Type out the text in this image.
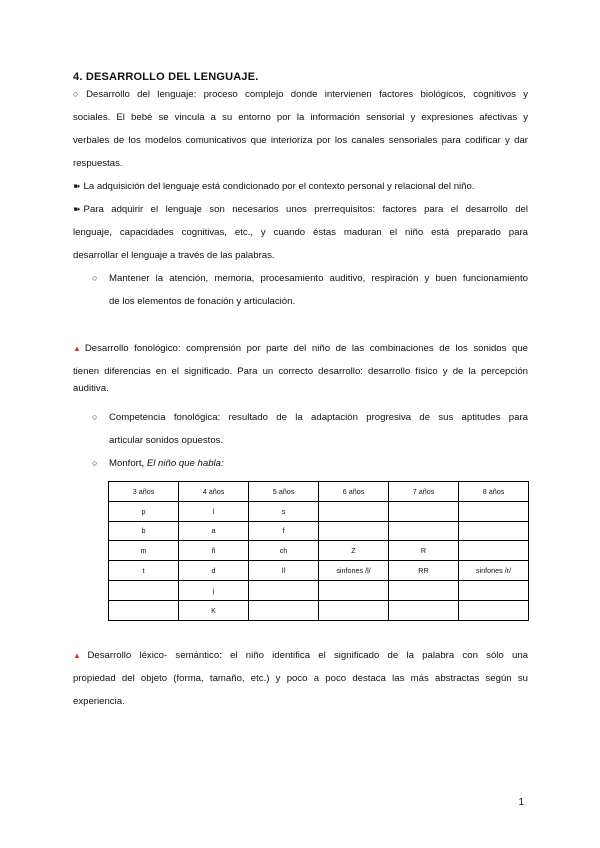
4. DESARROLLO DEL LENGUAJE.
○ Desarrollo del lenguaje: proceso complejo donde intervienen factores biológicos, cognitivos y
sociales. El bebé se vincula a su entorno por la información sensorial y expresiones afectivas y
verbales de los modelos comunicativos que interioriza por los canales sensoriales para codificar y dar
respuestas.
➽ La adquisición del lenguaje está condicionado por el contexto personal y relacional del niño.
➽ Para adquirir el lenguaje son necesarios unos prerrequisitos: factores para el desarrollo del
lenguaje, capacidades cognitivas, etc., y cuando éstas maduran el niño está preparado para
desarrollar el lenguaje a través de las palabras.
○ Mantener la atención, memoria, procesamiento auditivo, respiración y buen funcionamiento
de los elementos de fonación y articulación.
▲Desarrollo fonológico: comprensión por parte del niño de las combinaciones de los sonidos que
tienen diferencias en el significado. Para un correcto desarrollo: desarrollo físico y de la percepción
auditiva.
○ Competencia fonológica: resultado de la adaptación progresiva de sus aptitudes para
articular sonidos opuestos.
○ Monfort, El niño que habla:
3 años	4 años	5 años	6 años	7 años	8 años
p	l	s			
b	a	f			
m	ñ	ch	Z	R	
t	d	ll	sinfones /l/	RR	sinfones /r/
	j				
	K				
▲Desarrollo léxico- semántico: el niño identifica el significado de la palabra con sólo una
propiedad del objeto (forma, tamaño, etc.) y poco a poco destaca las más abstractas según su
experiencia.
1
